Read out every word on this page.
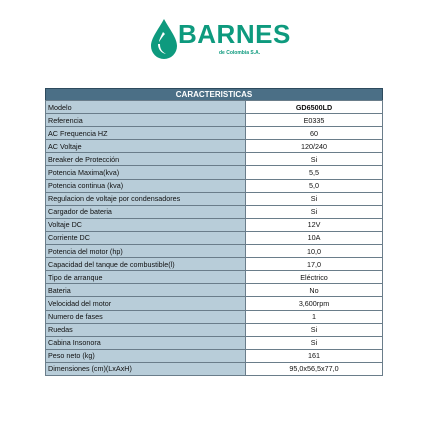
BARNES
de Colombia S.A.
CARACTERISTICAS
Modelo	GD6500LD
Referencia	E0335
AC Frequencia HZ	60
AC Voltaje	120/240
Breaker de Protección	Si
Potencia Maxima(kva)	5,5
Potencia continua (kva)	5,0
Regulacion de voltaje por condensadores	Si
Cargador de bateria	Si
Voltaje DC	12V
Corriente DC	10A
Potencia del motor (hp)	10,0
Capacidad del tanque de combustible(l)	17,0
Tipo de arranque	Eléctrico
Bateria	No
Velocidad del motor	3,600rpm
Numero de fases	1
Ruedas	Si
Cabina Insonora	Si
Peso neto (kg)	161
Dimensiones (cm)(LxAxH)	95,0x56,5x77,0
